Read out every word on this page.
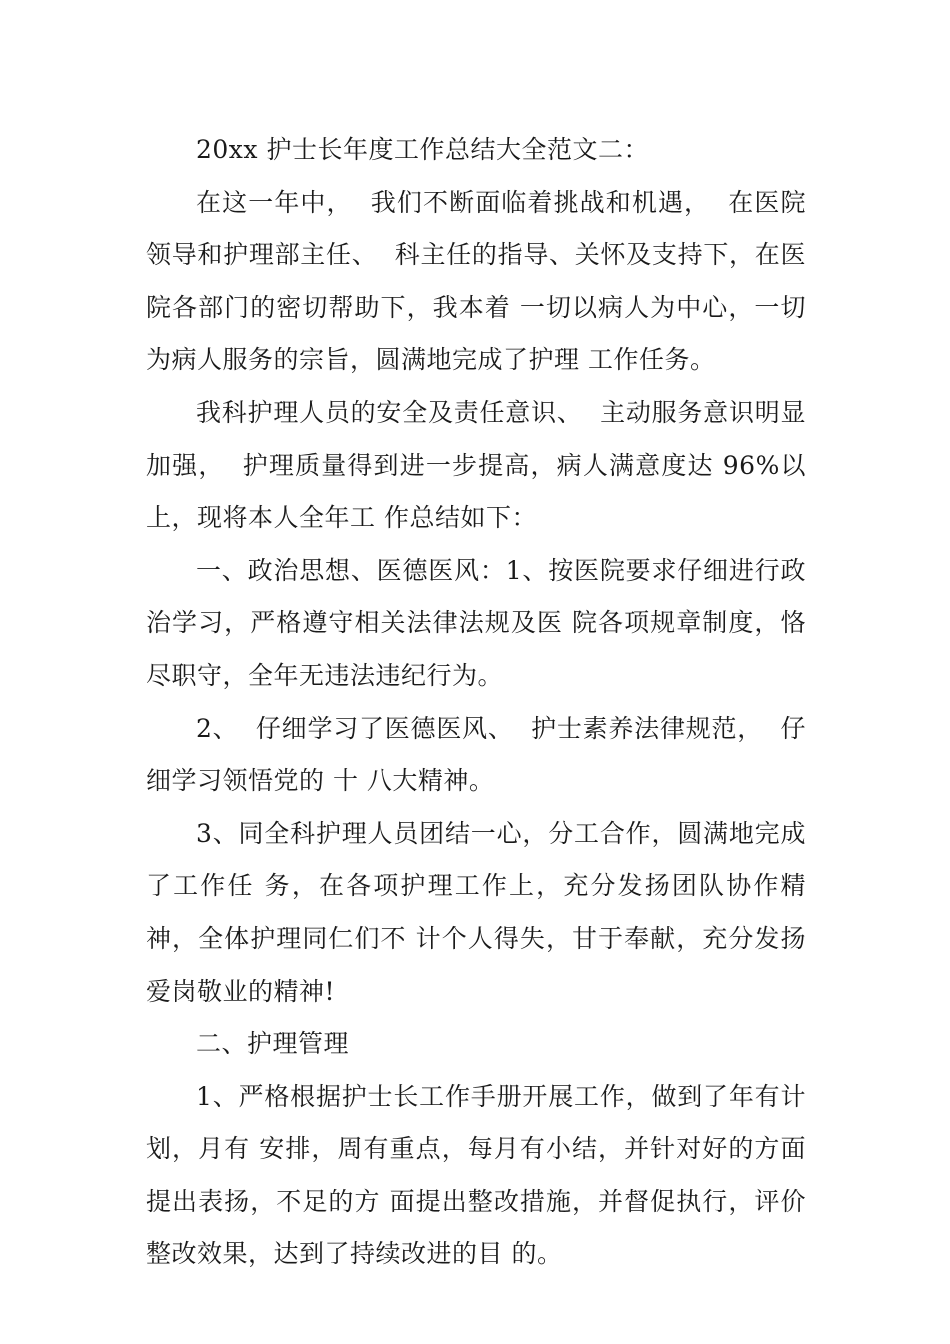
20xx 护士长年度工作总结大全范文二：

在这一年中，  我们不断面临着挑战和机遇，  在医院领导和护理部主任、  科主任的指导、关怀及支持下，在医院各部门的密切帮助下，我本着 一切以病人为中心，一切为病人服务的宗旨，圆满地完成了护理 工作任务。

我科护理人员的安全及责任意识、  主动服务意识明显加强，  护理质量得到进一步提高，病人满意度达 96%以上，现将本人全年工 作总结如下：

一、政治思想、医德医风：1、按医院要求仔细进行政治学习，严格遵守相关法律法规及医 院各项规章制度，恪尽职守，全年无违法违纪行为。

2、  仔细学习了医德医风、  护士素养法律规范，  仔细学习领悟党的 十 八大精神。

3、同全科护理人员团结一心，分工合作，圆满地完成了工作任 务，在各项护理工作上，充分发扬团队协作精神，全体护理同仁们不 计个人得失，甘于奉献，充分发扬爱岗敬业的精神!

二、护理管理

1、严格根据护士长工作手册开展工作，做到了年有计划，月有 安排，周有重点，每月有小结，并针对好的方面提出表扬，不足的方 面提出整改措施，并督促执行，评价整改效果，达到了持续改进的目 的。
